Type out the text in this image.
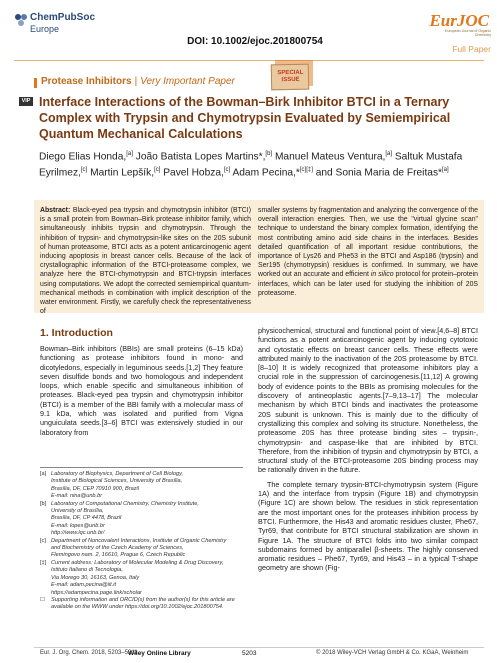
ChemPubSoc
Europe
DOI: 10.1002/ejoc.201800754
EurJOC
European Journal of Organic Chemistry
Full Paper
Protease Inhibitors | Very Important Paper
SPECIAL ISSUE
VIP Interface Interactions of the Bowman–Birk Inhibitor BTCI in a Ternary Complex with Trypsin and Chymotrypsin Evaluated by Semiempirical Quantum Mechanical Calculations
Diego Elias Honda,[a] João Batista Lopes Martins*,[b] Manuel Mateus Ventura,[a] Saltuk Mustafa Eyrilmez,[c] Martin Lepšík,[c] Pavel Hobza,[c] Adam Pecina,*[c][‡] and Sonia Maria de Freitas*[a]
Abstract: Black-eyed pea trypsin and chymotrypsin inhibitor (BTCI) is a small protein from Bowman–Birk protease inhibitor family, which simultaneously inhibits trypsin and chymotrypsin. Through the inhibition of trypsin- and chymotrypsin-like sites on the 20S subunit of human proteasome, BTCI acts as a potent anticarcinogenic agent inducing apoptosis in breast cancer cells. Because of the lack of crystallographic information of the BTCI-proteasome complex, we analyze here the BTCI-chymotrypsin and BTCI-trypsin interfaces using computations. We adopt the corrected semiempirical quantum-mechanical methods in combination with implicit description of the water environment. Firstly, we carefully check the representativeness of
smaller systems by fragmentation and analyzing the convergence of the overall interaction energies. Then, we use the "virtual glycine scan" technique to understand the binary complex formation, identifying the most contributing amino acid side chains in the interfaces. Besides detailed quantification of all important residue contributions, the importance of Lys26 and Phe53 in the BTCI and Asp186 (trypsin) and Ser195 (chymotrypsin) residues is confirmed. In summary, we have worked out an accurate and efficient in silico protocol for protein–protein interfaces, which can be later used for studying the inhibition of 20S proteasome.
1. Introduction
Bowman–Birk inhibitors (BBIs) are small proteins (6–15 kDa) functioning as protease inhibitors found in mono- and dicotyledons, especially in leguminous seeds.[1,2] They feature seven disulfide bonds and two homologous and independent loops, which enable specific and simultaneous inhibition of proteases. Black-eyed pea trypsin and chymotrypsin inhibitor (BTCI) is a member of the BBI family with a molecular mass of 9.1 kDa, which was isolated and purified from Vigna unguiculata seeds.[3–6] BTCI was extensively studied in our laboratory from

physicochemical, structural and functional point of view.[4,6–8] BTCI functions as a potent anticarcinogenic agent by inducing cytotoxic and cytostatic effects on breast cancer cells. These effects were attributed mainly to the inactivation of the 20S proteasome by BTCI.[8–10] It is widely recognized that proteasome inhibitors play a crucial role in the suppression of carcinogenesis.[11,12] A growing body of evidence points to the BBIs as promising molecules for the discovery of antineoplastic agents.[7–9,13–17] The molecular mechanism by which BTCI binds and inactivates the proteasome 20S subunit is unknown. This is mainly due to the difficulty of crystallizing this complex and solving its structure. Nonetheless, the proteasome 20S has three protease binding sites – trypsin-, chymotrypsin- and caspase-like that are inhibited by BTCI. Therefore, from the inhibition of trypsin and chymotrypsin by BTCI, a structural study of the BTCI-proteasome 20S binding process may be rationally driven in the future.

The complete ternary trypsin-BTCI-chymotrypsin system (Figure 1A) and the interface from trypsin (Figure 1B) and chymotrypsin (Figure 1C) are shown below. The residues in stick representation are the most important ones for the proteases inhibition process by BTCI. Furthermore, the His43 and aromatic residues cluster, Phe67, Tyr69, that contribute for BTCI structural stabilization are shown in Figure 1A. The structure of BTCI folds into two similar compact subdomains formed by antiparallel β-sheets. The highly conserved aromatic residues – Phe67, Tyr69, and His43 – in a typical T-shape geometry are shown (Fig-

[a] Laboratory of Biophysics, Department of Cell Biology,
Institute of Biological Sciences, University of Brasília,
Brasília, DF, CEP 70910 900, Brazil
E-mail: nina@unb.br
[b] Laboratory of Computational Chemistry, Chemistry Institute,
University of Brasília,
Brasília, DF, CP 4478, Brazil
E-mail: lopes@unb.br
http://www.lqc.unb.br/
[c] Department of Noncovalent Interactions, Institute of Organic Chemistry
and Biochemistry of the Czech Academy of Sciences,
Flemingovo nam. 2, 16610, Prague 6, Czech Republic
[‡] Current address: Laboratory of Molecular Modeling & Drug Discovery,
Istituto Italiano di Tecnologia,
Via Morego 30, 16163, Genoa, Italy
E-mail: adam.pecina@iit.it
https://adampecina.page.link/scholar
☐ Supporting information and ORCID(s) from the author(s) for this article are
available on the WWW under https://doi.org/10.1002/ejoc.201800754.
Eur. J. Org. Chem. 2018, 5203–5211
Wiley Online Library	5203	© 2018 Wiley-VCH Verlag GmbH & Co. KGaA, Weinheim
